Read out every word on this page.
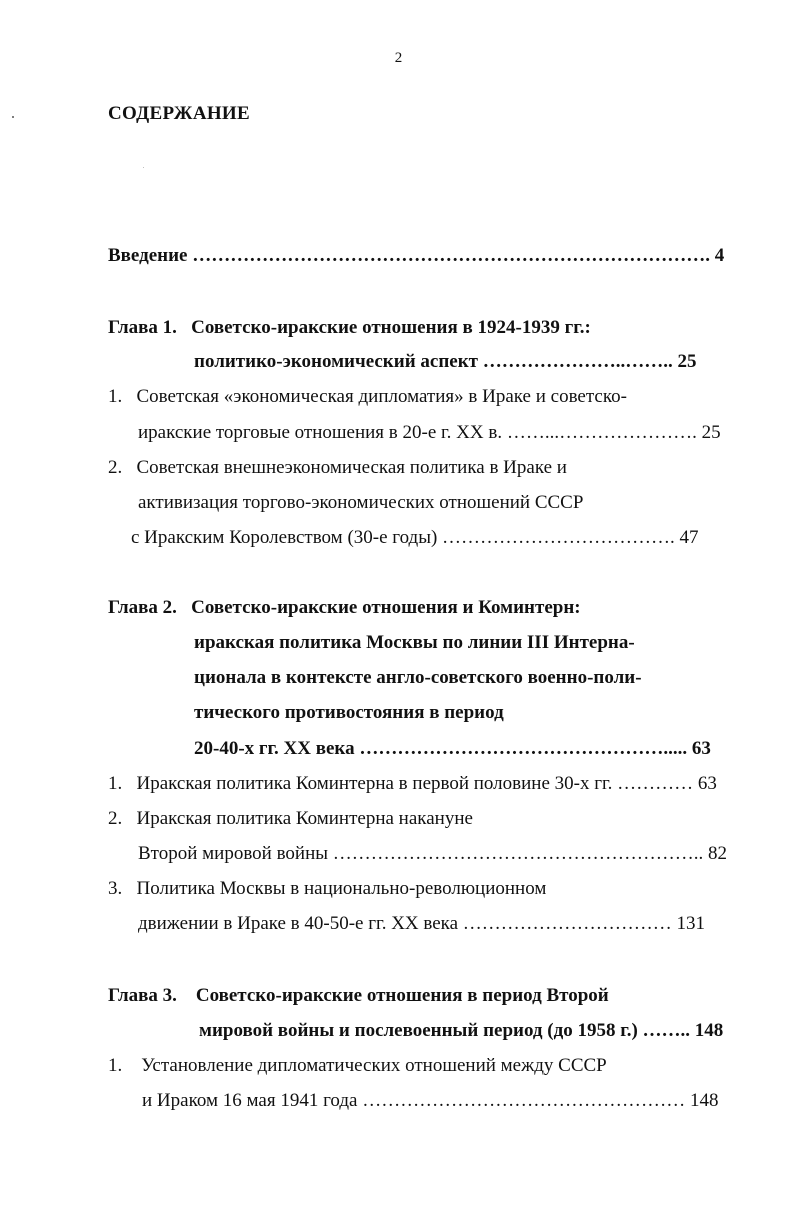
2
СОДЕРЖАНИЕ
Введение ………………………………………………………………………. 4
Глава 1.   Советско-иракские отношения в 1924-1939 гг.:
политико-экономический аспект …………………..…….. 25
1.   Советская «экономическая дипломатия» в Ираке и советско-
иракские торговые отношения в 20-е г. ХХ в. ……...…………………. 25
2.   Советская внешнеэкономическая политика в Ираке и
активизация торгово-экономических отношений СССР
с Иракским Королевством (30-е годы) ………………………………. 47
Глава 2.   Советско-иракские отношения и Коминтерн:
иракская политика Москвы по линии III Интерна-
ционала в контексте англо-советского военно-поли-
тического противостояния в период
20-40-х гг. ХХ века …………………………………………..... 63
1.   Иракская политика Коминтерна в первой половине 30-х гг. ………… 63
2.   Иракская политика Коминтерна накануне
Второй мировой войны ………………………………………………….. 82
3.   Политика Москвы в национально-революционном
движении в Ираке в 40-50-е гг. ХХ века …………………………… 131
Глава 3.    Советско-иракские отношения в период Второй
мировой войны и послевоенный период (до 1958 г.) …….. 148
1.    Установление дипломатических отношений между СССР
и Ираком 16 мая 1941 года …………………………………………… 148
